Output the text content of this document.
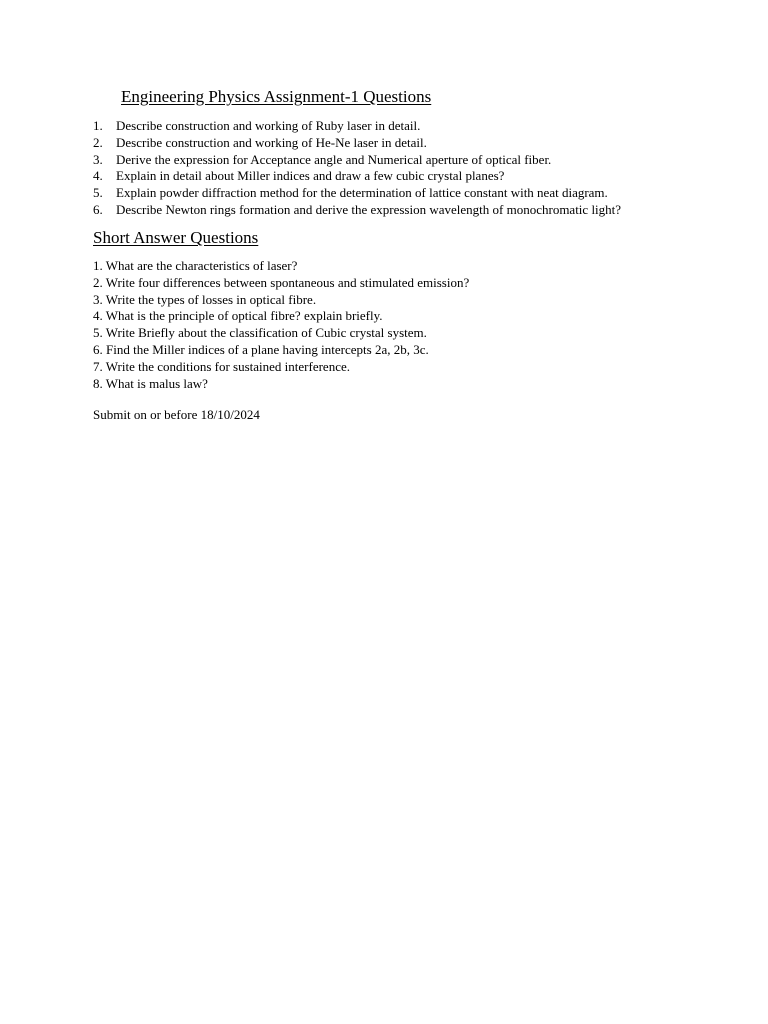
Engineering Physics Assignment-1 Questions
1.	Describe construction and working of Ruby laser in detail.
2.	Describe construction and working of He-Ne laser in detail.
3.	Derive the expression for Acceptance angle and Numerical aperture of optical fiber.
4.	Explain in detail about Miller indices and draw a few cubic crystal planes?
5.	Explain powder diffraction method for the determination of lattice constant with neat diagram.
6.	Describe Newton rings formation and derive the expression wavelength of monochromatic light?
Short Answer Questions
1. What are the characteristics of laser?
2. Write four differences between spontaneous and stimulated emission?
3. Write the types of losses in optical fibre.
4. What is the principle of optical fibre? explain briefly.
5. Write Briefly about the classification of Cubic crystal system.
6. Find the Miller indices of a plane having intercepts 2a, 2b, 3c.
7. Write the conditions for sustained interference.
8. What is malus law?

Submit on or before 18/10/2024
